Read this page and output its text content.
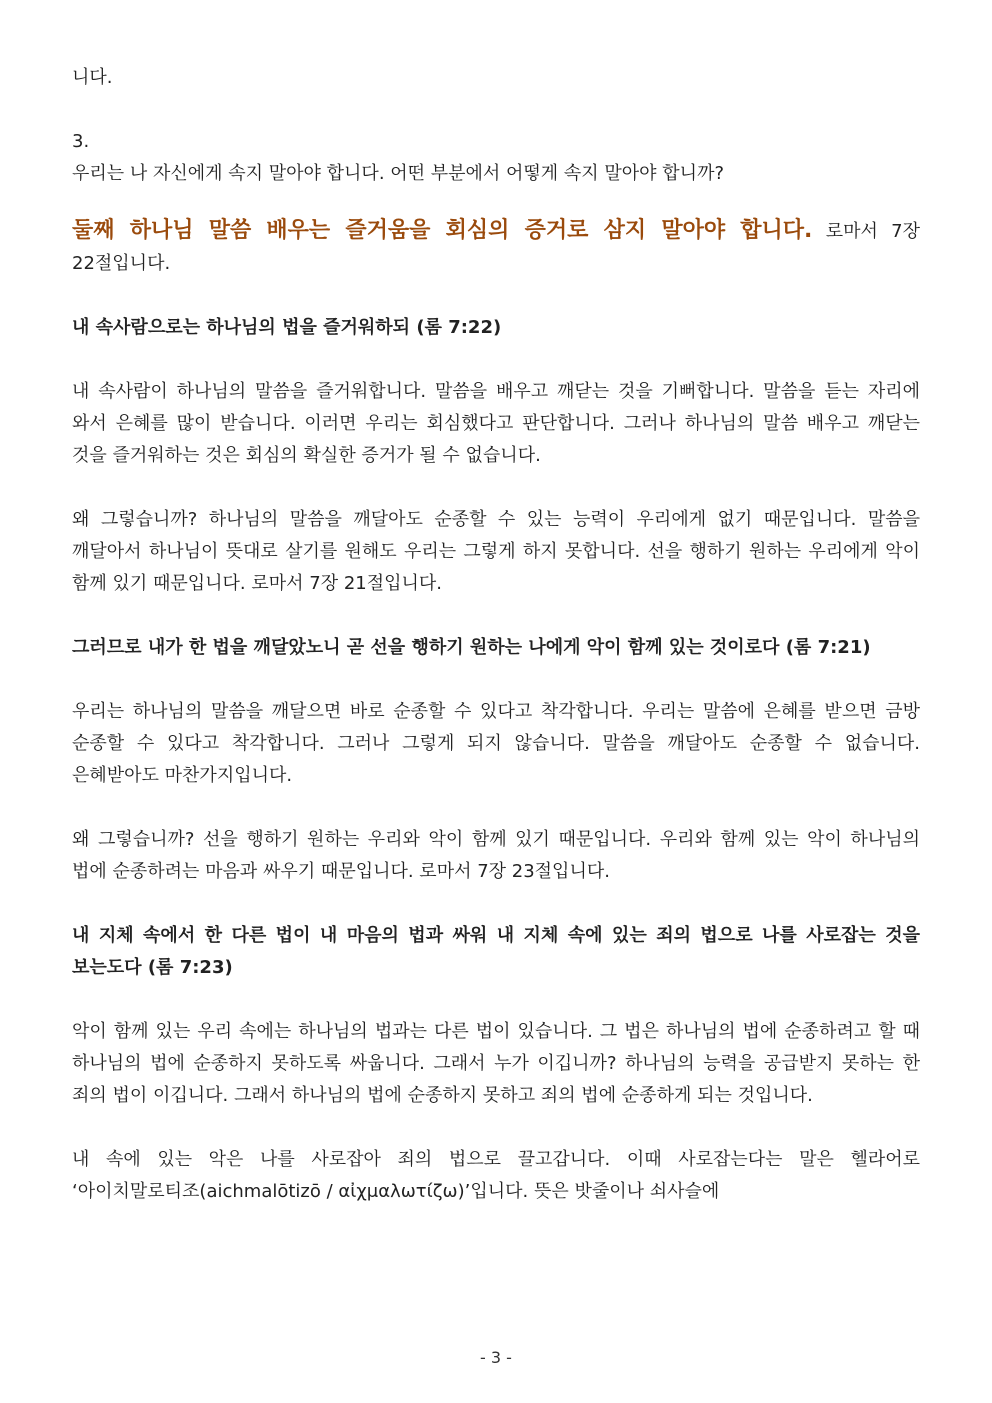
니다.

3.

우리는 나 자신에게 속지 말아야 합니다. 어떤 부분에서 어떻게 속지 말아야 합니까?

둘째 하나님 말씀 배우는 즐거움을 회심의 증거로 삼지 말아야 합니다. 로마서 7장 22절입니다.

내 속사람으로는 하나님의 법을 즐거워하되 (롬 7:22)

내 속사람이 하나님의 말씀을 즐거워합니다. 말씀을 배우고 깨닫는 것을 기뻐합니다. 말씀을 듣는 자리에 와서 은혜를 많이 받습니다. 이러면 우리는 회심했다고 판단합니다. 그러나 하나님의 말씀 배우고 깨닫는 것을 즐거워하는 것은 회심의 확실한 증거가 될 수 없습니다.

왜 그렇습니까? 하나님의 말씀을 깨달아도 순종할 수 있는 능력이 우리에게 없기 때문입니다. 말씀을 깨달아서 하나님이 뜻대로 살기를 원해도 우리는 그렇게 하지 못합니다. 선을 행하기 원하는 우리에게 악이 함께 있기 때문입니다. 로마서 7장 21절입니다.

그러므로 내가 한 법을 깨달았노니 곧 선을 행하기 원하는 나에게 악이 함께 있는 것이로다 (롬 7:21)

우리는 하나님의 말씀을 깨달으면 바로 순종할 수 있다고 착각합니다. 우리는 말씀에 은혜를 받으면 금방 순종할 수 있다고 착각합니다. 그러나 그렇게 되지 않습니다. 말씀을 깨달아도 순종할 수 없습니다. 은혜받아도 마찬가지입니다.

왜 그렇습니까? 선을 행하기 원하는 우리와 악이 함께 있기 때문입니다. 우리와 함께 있는 악이 하나님의 법에 순종하려는 마음과 싸우기 때문입니다. 로마서 7장 23절입니다.

내 지체 속에서 한 다른 법이 내 마음의 법과 싸워 내 지체 속에 있는 죄의 법으로 나를 사로잡는 것을 보는도다 (롬 7:23)

악이 함께 있는 우리 속에는 하나님의 법과는 다른 법이 있습니다. 그 법은 하나님의 법에 순종하려고 할 때 하나님의 법에 순종하지 못하도록 싸웁니다. 그래서 누가 이깁니까? 하나님의 능력을 공급받지 못하는 한 죄의 법이 이깁니다. 그래서 하나님의 법에 순종하지 못하고 죄의 법에 순종하게 되는 것입니다.

내 속에 있는 악은 나를 사로잡아 죄의 법으로 끌고갑니다. 이때 사로잡는다는 말은 헬라어로 ‘아이치말로티조(aichmalōtizō / αἰχμαλωτίζω)’입니다. 뜻은 밧줄이나 쇠사슬에

- 3 -
